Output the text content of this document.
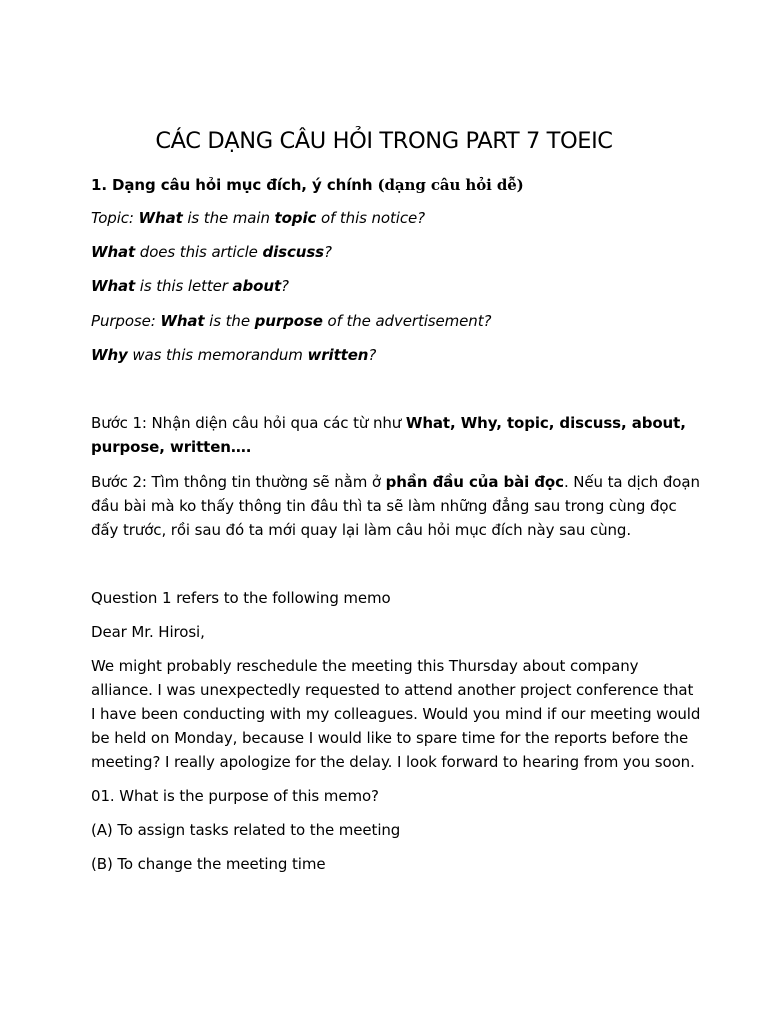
CÁC DẠNG CÂU HỎI TRONG PART 7 TOEIC

1. Dạng câu hỏi mục đích, ý chính (dạng câu hỏi dễ)

Topic: What is the main topic of this notice?

What does this article discuss?

What is this letter about?

Purpose: What is the purpose of the advertisement?

Why was this memorandum written?

Bước 1: Nhận diện câu hỏi qua các từ như What, Why, topic, discuss, about,

purpose, written….

Bước 2: Tìm thông tin thường sẽ nằm ở phần đầu của bài đọc. Nếu ta dịch đoạn

đầu bài mà ko thấy thông tin đâu thì ta sẽ làm những đẳng sau trong cùng đọc

đấy trước, rồi sau đó ta mới quay lại làm câu hỏi mục đích này sau cùng.

Question 1 refers to the following memo

Dear Mr. Hirosi,

We might probably reschedule the meeting this Thursday about company

alliance. I was unexpectedly requested to attend another project conference that

I have been conducting with my colleagues. Would you mind if our meeting would

be held on Monday, because I would like to spare time for the reports before the

meeting? I really apologize for the delay. I look forward to hearing from you soon.

01. What is the purpose of this memo?

(A) To assign tasks related to the meeting

(B) To change the meeting time
